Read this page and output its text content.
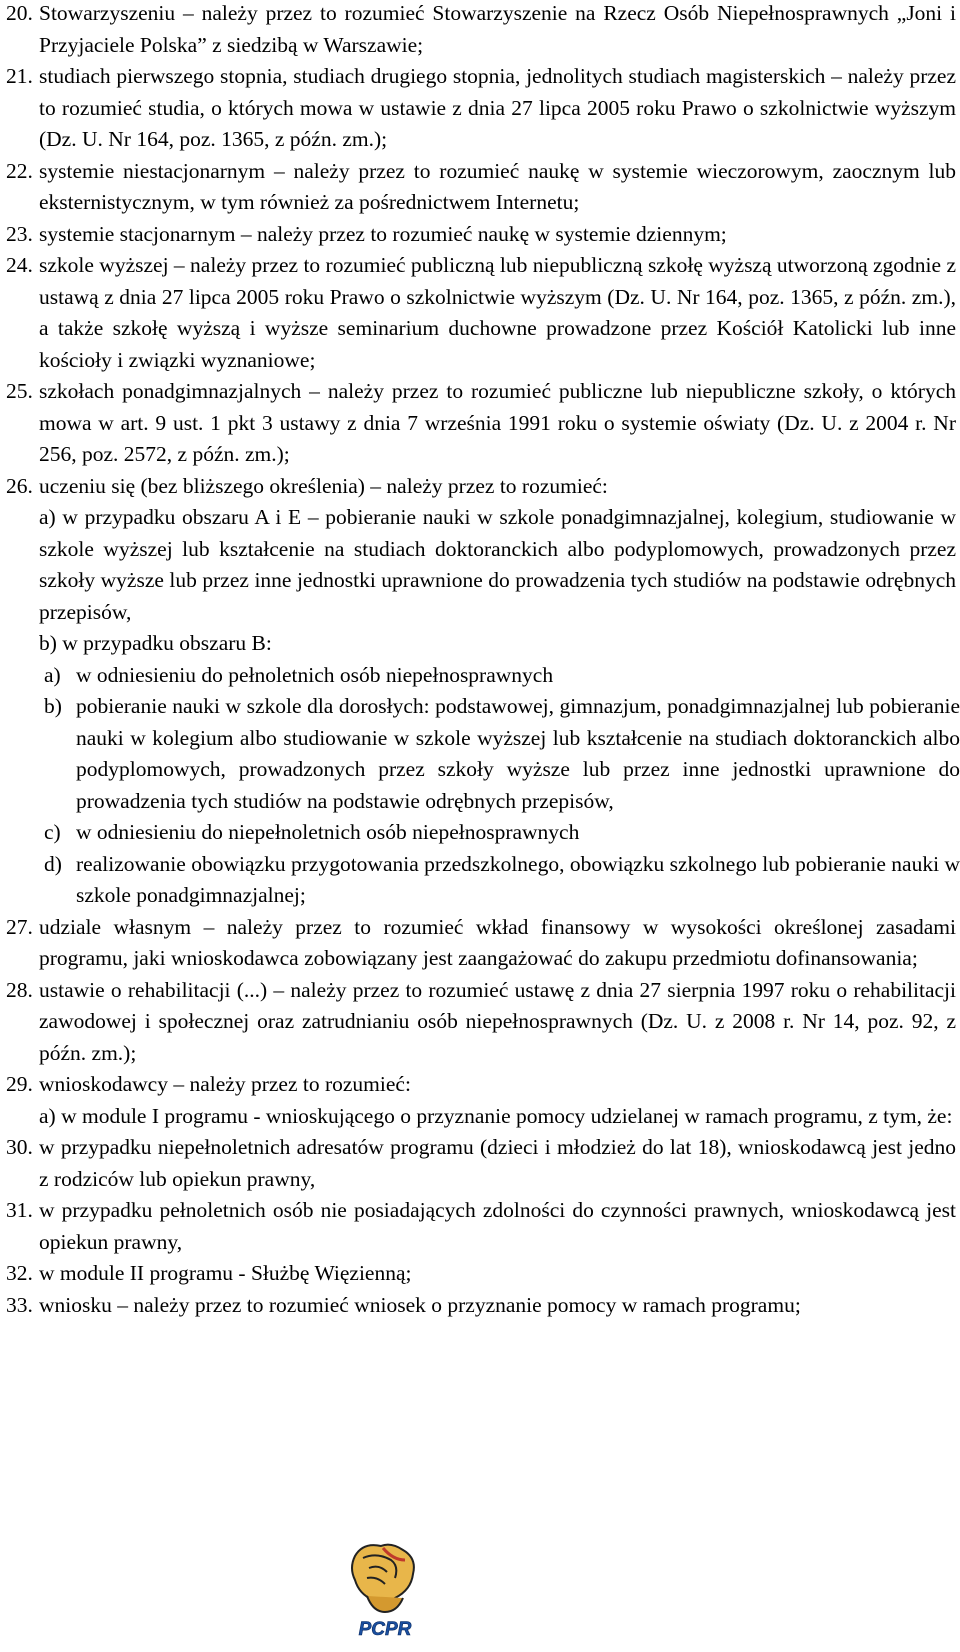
20. Stowarzyszeniu – należy przez to rozumieć Stowarzyszenie na Rzecz Osób Niepełnosprawnych „Joni i Przyjaciele Polska” z siedzibą w Warszawie;
21. studiach pierwszego stopnia, studiach drugiego stopnia, jednolitych studiach magisterskich – należy przez to rozumieć studia, o których mowa w ustawie z dnia 27 lipca 2005 roku Prawo o szkolnictwie wyższym (Dz. U. Nr 164, poz. 1365, z późn. zm.);
22. systemie niestacjonarnym – należy przez to rozumieć naukę w systemie wieczorowym, zaocznym lub eksternistycznym, w tym również za pośrednictwem Internetu;
23. systemie stacjonarnym – należy przez to rozumieć naukę w systemie dziennym;
24. szkole wyższej – należy przez to rozumieć publiczną lub niepubliczną szkołę wyższą utworzoną zgodnie z ustawą z dnia 27 lipca 2005 roku Prawo o szkolnictwie wyższym (Dz. U. Nr 164, poz. 1365, z późn. zm.), a także szkołę wyższą i wyższe seminarium duchowne prowadzone przez Kościół Katolicki lub inne kościoły i związki wyznaniowe;
25. szkołach ponadgimnazjalnych – należy przez to rozumieć publiczne lub niepubliczne szkoły, o których mowa w art. 9 ust. 1 pkt 3 ustawy z dnia 7 września 1991 roku o systemie oświaty (Dz. U. z 2004 r. Nr 256, poz. 2572, z późn. zm.);
26. uczeniu się (bez bliższego określenia) – należy przez to rozumieć:
a) w przypadku obszaru A i E – pobieranie nauki w szkole ponadgimnazjalnej, kolegium, studiowanie w szkole wyższej lub kształcenie na studiach doktoranckich albo podyplomowych, prowadzonych przez szkoły wyższe lub przez inne jednostki uprawnione do prowadzenia tych studiów na podstawie odrębnych przepisów,
b) w przypadku obszaru B:
a) w odniesieniu do pełnoletnich osób niepełnosprawnych
b) pobieranie nauki w szkole dla dorosłych: podstawowej, gimnazjum, ponadgimnazjalnej lub pobieranie nauki w kolegium albo studiowanie w szkole wyższej lub kształcenie na studiach doktoranckich albo podyplomowych, prowadzonych przez szkoły wyższe lub przez inne jednostki uprawnione do prowadzenia tych studiów na podstawie odrębnych przepisów,
c) w odniesieniu do niepełnoletnich osób niepełnosprawnych
d) realizowanie obowiązku przygotowania przedszkolnego, obowiązku szkolnego lub pobieranie nauki w szkole ponadgimnazjalnej;
27. udziale własnym – należy przez to rozumieć wkład finansowy w wysokości określonej zasadami programu, jaki wnioskodawca zobowiązany jest zaangażować do zakupu przedmiotu dofinansowania;
28. ustawie o rehabilitacji (...) – należy przez to rozumieć ustawę z dnia 27 sierpnia 1997 roku o rehabilitacji zawodowej i społecznej oraz zatrudnianiu osób niepełnosprawnych (Dz. U. z 2008 r. Nr 14, poz. 92, z późn. zm.);
29. wnioskodawcy – należy przez to rozumieć:
a) w module I programu - wnioskującego o przyznanie pomocy udzielanej w ramach programu, z tym, że:
30. w przypadku niepełnoletnich adresatów programu (dzieci i młodzież do lat 18), wnioskodawcą jest jedno z rodziców lub opiekun prawny,
31. w przypadku pełnoletnich osób nie posiadających zdolności do czynności prawnych, wnioskodawcą jest opiekun prawny,
32. w module II programu - Służbę Więzienną;
33. wniosku – należy przez to rozumieć wniosek o przyznanie pomocy w ramach programu;
PCPR
